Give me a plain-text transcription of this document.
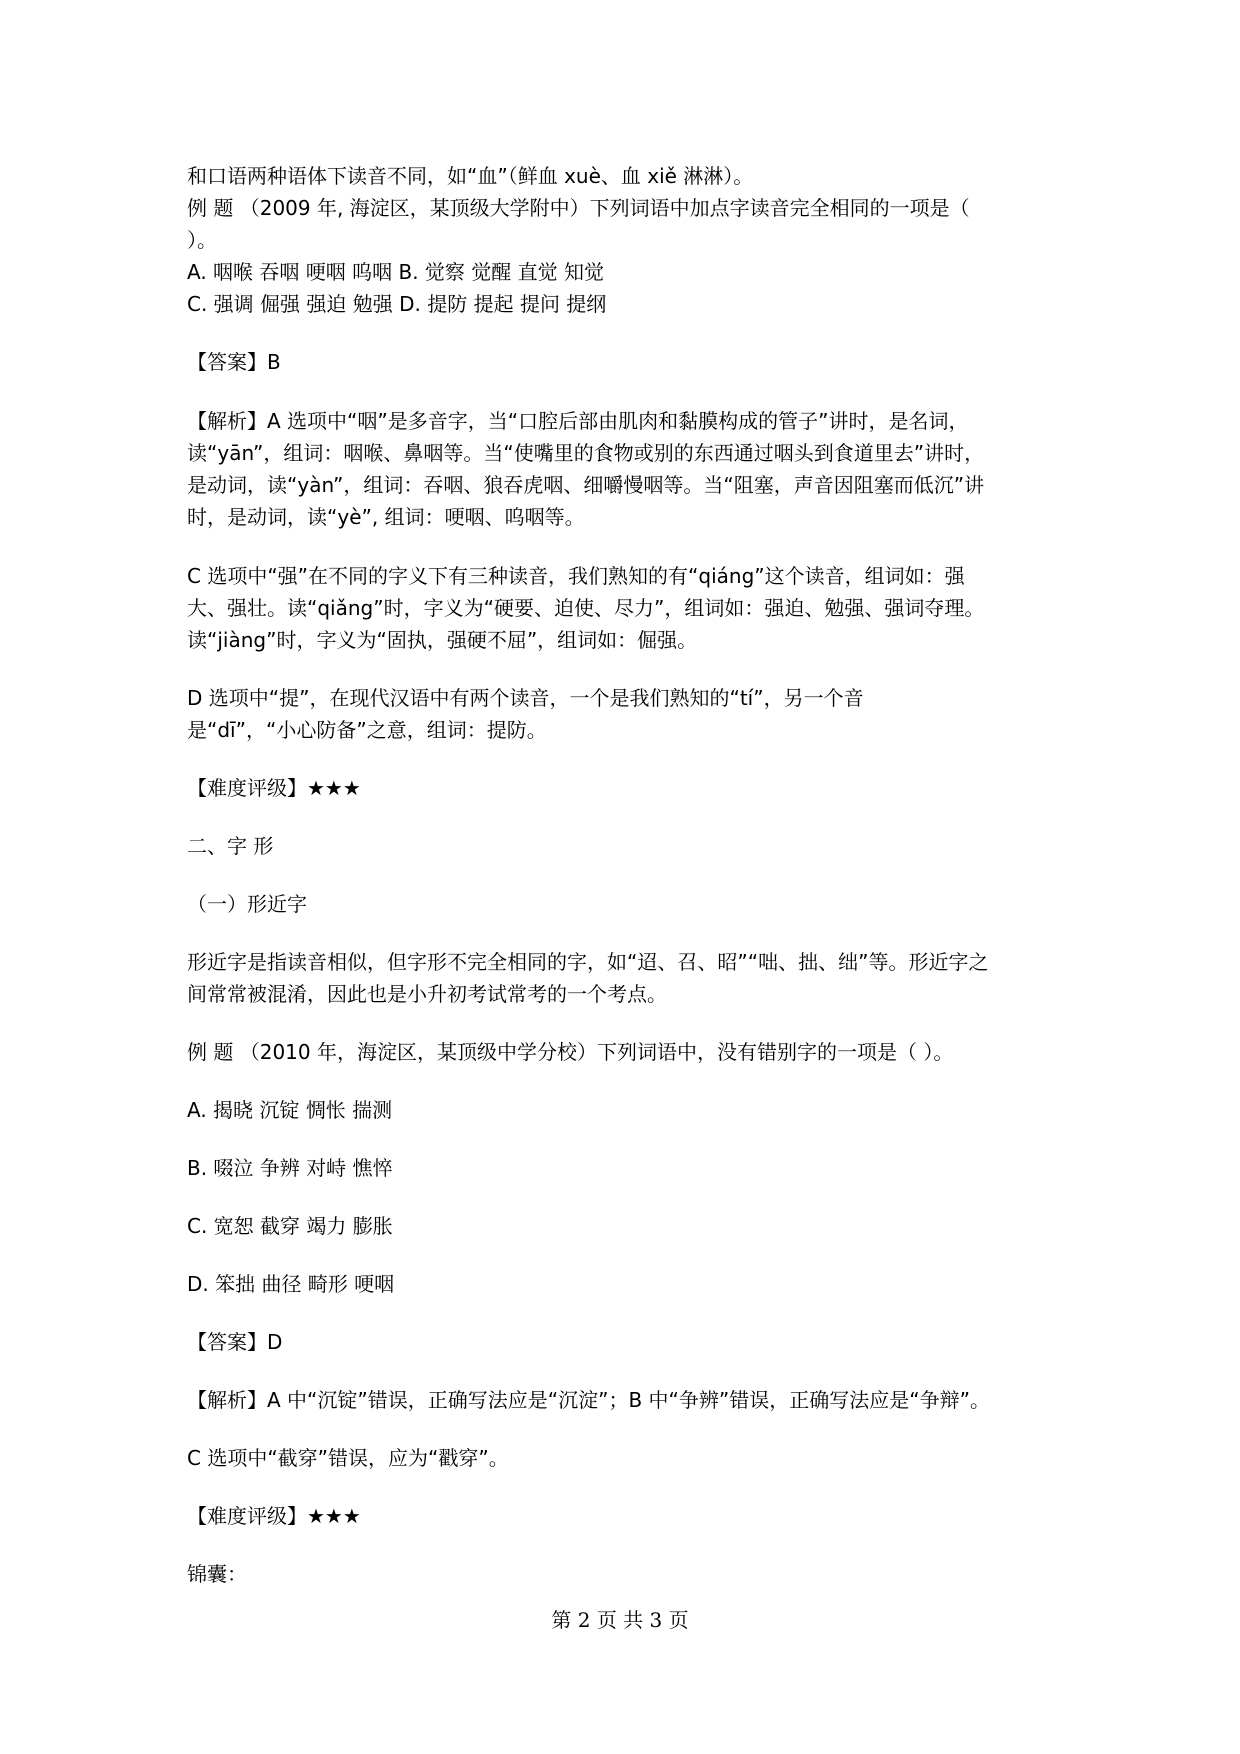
和口语两种语体下读音不同，如“血”（鲜血 xuè、血 xiě 淋淋）。
例 题 （2009 年, 海淀区，某顶级大学附中）下列词语中加点字读音完全相同的一项是（
）。
A. 咽喉 吞咽 哽咽 呜咽 B. 觉察 觉醒 直觉 知觉
C. 强调 倔强 强迫 勉强 D. 提防 提起 提问 提纲
【答案】B
【解析】A 选项中“咽”是多音字，当“口腔后部由肌肉和黏膜构成的管子”讲时，是名词，
读“yān”，组词：咽喉、鼻咽等。当“使嘴里的食物或别的东西通过咽头到食道里去”讲时，
是动词，读“yàn”，组词：吞咽、狼吞虎咽、细嚼慢咽等。当“阻塞，声音因阻塞而低沉”讲
时，是动词，读“yè”, 组词：哽咽、呜咽等。
C 选项中“强”在不同的字义下有三种读音，我们熟知的有“qiáng”这个读音，组词如：强
大、强壮。读“qiǎng”时，字义为“硬要、迫使、尽力”，组词如：强迫、勉强、强词夺理。
读“jiàng”时，字义为“固执，强硬不屈”，组词如：倔强。
D 选项中“提”，在现代汉语中有两个读音，一个是我们熟知的“tí”，另一个音
是“dī”，“小心防备”之意，组词：提防。
【难度评级】★★★
二、字 形
（一）形近字
形近字是指读音相似，但字形不完全相同的字，如“迢、召、昭”“咄、拙、绌”等。形近字之
间常常被混淆，因此也是小升初考试常考的一个考点。
例 题 （2010 年，海淀区，某顶级中学分校）下列词语中，没有错别字的一项是（ ）。
A. 揭晓 沉锭 惆怅 揣测
B. 啜泣 争辨 对峙 憔悴
C. 宽恕 截穿 竭力 膨胀
D. 笨拙 曲径 畸形 哽咽
【答案】D
【解析】A 中“沉锭”错误，正确写法应是“沉淀”；B 中“争辨”错误，正确写法应是“争辩”。
C 选项中“截穿”错误，应为“戳穿”。
【难度评级】★★★
锦囊：
第 2 页 共 3 页
